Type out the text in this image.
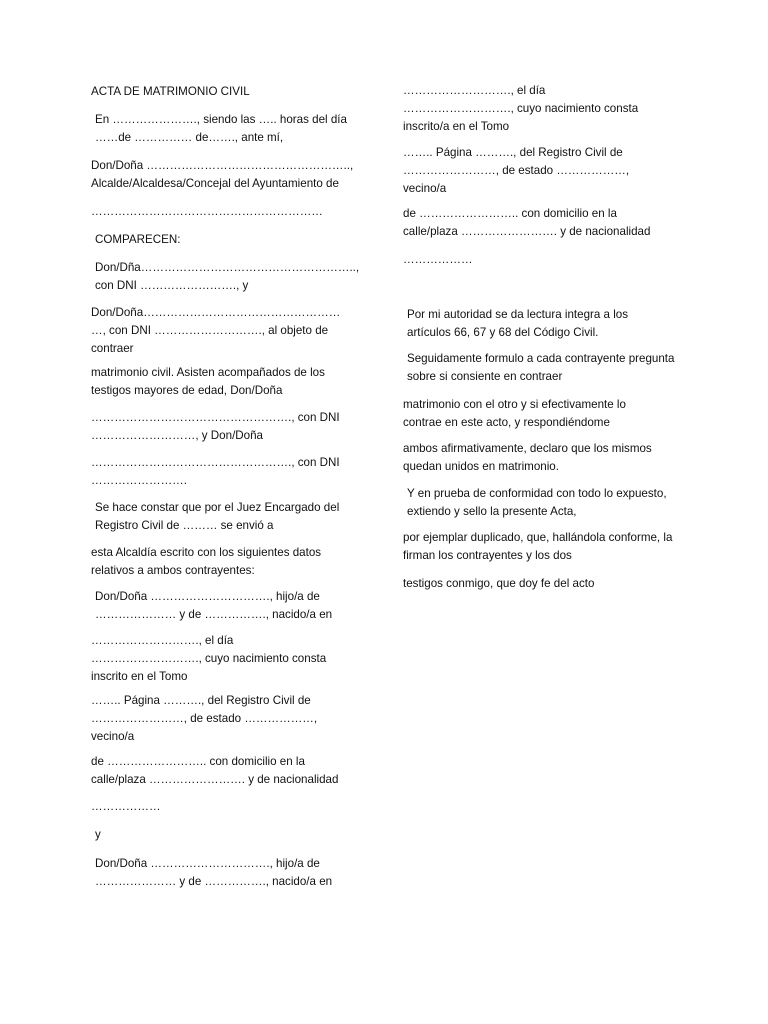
ACTA DE MATRIMONIO CIVIL
En …………………., siendo las ….. horas del día
……de …………… de……., ante mí,
Don/Doña ……………………………………………..,
Alcalde/Alcaldesa/Concejal del Ayuntamiento de
……………………………………………………
COMPARECEN:
Don/Dña………………………………………………..,
con DNI ……………………., y
Don/Doña……………………………………………
…, con DNI ………………………., al objeto de
contraer
matrimonio civil. Asisten acompañados de los
testigos mayores de edad, Don/Doña
……………………………………………., con DNI
………………………, y Don/Doña
……………………………………………., con DNI
…………………….
Se hace constar que por el Juez Encargado del
Registro Civil de ……… se envió a
esta Alcaldía escrito con los siguientes datos
relativos a ambos contrayentes:
Don/Doña …………………………., hijo/a de
………………… y de ……………., nacido/a en
………………………., el día
………………………., cuyo nacimiento consta
inscrito en el Tomo
…….. Página ………., del Registro Civil de
……………………, de estado ………………,
vecino/a
de …………………….. con domicilio en la
calle/plaza ……………………. y de nacionalidad
………………
y
Don/Doña …………………………., hijo/a de
………………… y de ……………., nacido/a en
………………………., el día
………………………., cuyo nacimiento consta
inscrito/a en el Tomo
…….. Página ………., del Registro Civil de
……………………, de estado ………………,
vecino/a
de …………………….. con domicilio en la
calle/plaza ……………………. y de nacionalidad
………………
Por mi autoridad se da lectura integra a los
artículos 66, 67 y 68 del Código Civil.
Seguidamente formulo a cada contrayente pregunta
sobre si consiente en contraer
matrimonio con el otro y si efectivamente lo
contrae en este acto, y respondiéndome
ambos afirmativamente, declaro que los mismos
quedan unidos en matrimonio.
Y en prueba de conformidad con todo lo expuesto,
extiendo y sello la presente Acta,
por ejemplar duplicado, que, hallándola conforme, la
firman los contrayentes y los dos
testigos conmigo, que doy fe del acto
